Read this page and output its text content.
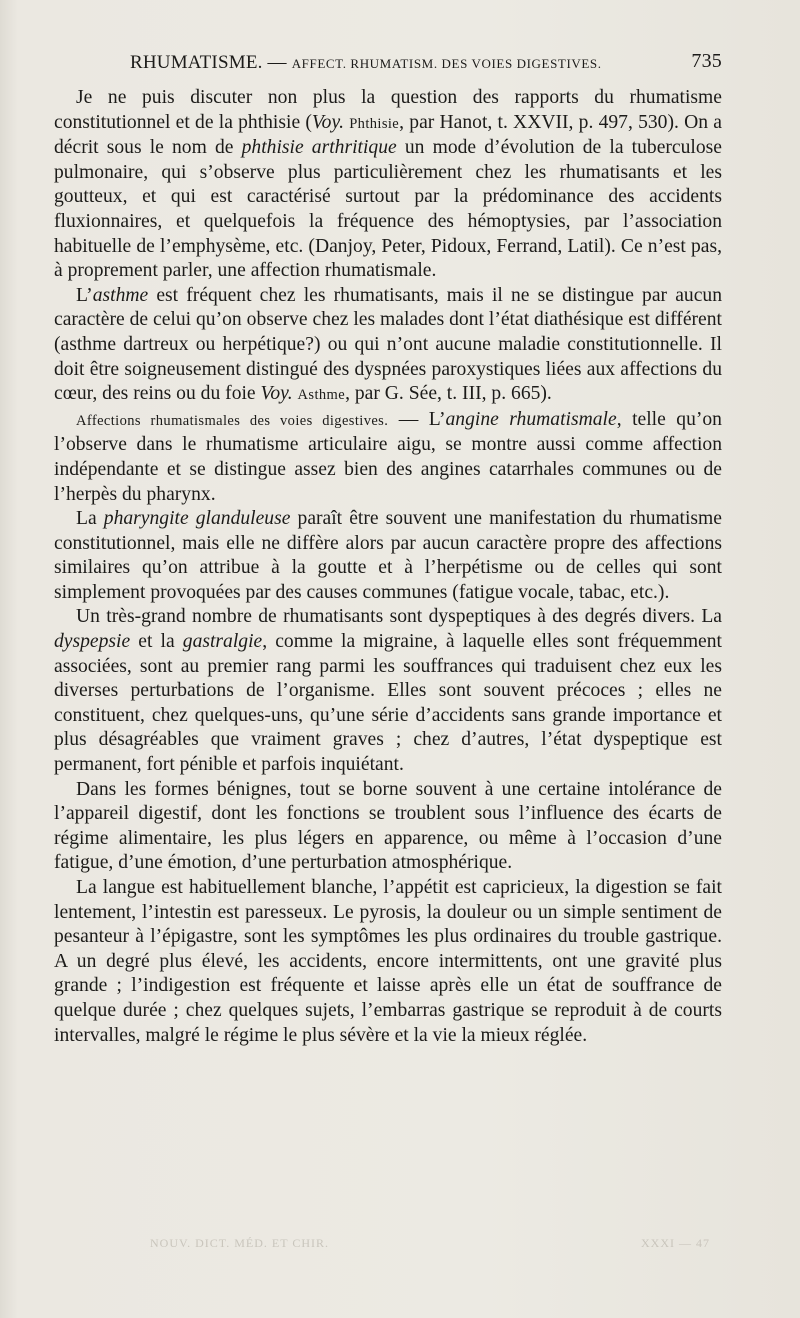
RHUMATISME. — AFFECT. RHUMATISM. DES VOIES DIGESTIVES.	735

Je ne puis discuter non plus la question des rapports du rhumatisme constitutionnel et de la phthisie (Voy. Phthisie, par Hanot, t. XXVII, p. 497, 530). On a décrit sous le nom de phthisie arthritique un mode d’évolution de la tuberculose pulmonaire, qui s’observe plus particulièrement chez les rhumatisants et les goutteux, et qui est caractérisé surtout par la prédominance des accidents fluxionnaires, et quelquefois la fréquence des hémoptysies, par l’association habituelle de l’emphysème, etc. (Danjoy, Peter, Pidoux, Ferrand, Latil). Ce n’est pas, à proprement parler, une affection rhumatismale.

L’asthme est fréquent chez les rhumatisants, mais il ne se distingue par aucun caractère de celui qu’on observe chez les malades dont l’état diathésique est différent (asthme dartreux ou herpétique?) ou qui n’ont aucune maladie constitutionnelle. Il doit être soigneusement distingué des dyspnées paroxystiques liées aux affections du cœur, des reins ou du foie Voy. Asthme, par G. Sée, t. III, p. 665).

Affections rhumatismales des voies digestives. — L’angine rhumatismale, telle qu’on l’observe dans le rhumatisme articulaire aigu, se montre aussi comme affection indépendante et se distingue assez bien des angines catarrhales communes ou de l’herpès du pharynx.

La pharyngite glanduleuse paraît être souvent une manifestation du rhumatisme constitutionnel, mais elle ne diffère alors par aucun caractère propre des affections similaires qu’on attribue à la goutte et à l’herpétisme ou de celles qui sont simplement provoquées par des causes communes (fatigue vocale, tabac, etc.).

Un très-grand nombre de rhumatisants sont dyspeptiques à des degrés divers. La dyspepsie et la gastralgie, comme la migraine, à laquelle elles sont fréquemment associées, sont au premier rang parmi les souffrances qui traduisent chez eux les diverses perturbations de l’organisme. Elles sont souvent précoces ; elles ne constituent, chez quelques-uns, qu’une série d’accidents sans grande importance et plus désagréables que vraiment graves ; chez d’autres, l’état dyspeptique est permanent, fort pénible et parfois inquiétant.

Dans les formes bénignes, tout se borne souvent à une certaine intolérance de l’appareil digestif, dont les fonctions se troublent sous l’influence des écarts de régime alimentaire, les plus légers en apparence, ou même à l’occasion d’une fatigue, d’une émotion, d’une perturbation atmosphérique.

La langue est habituellement blanche, l’appétit est capricieux, la digestion se fait lentement, l’intestin est paresseux. Le pyrosis, la douleur ou un simple sentiment de pesanteur à l’épigastre, sont les symptômes les plus ordinaires du trouble gastrique. A un degré plus élevé, les accidents, encore intermittents, ont une gravité plus grande ; l’indigestion est fréquente et laisse après elle un état de souffrance de quelque durée ; chez quelques sujets, l’embarras gastrique se reproduit à de courts intervalles, malgré le régime le plus sévère et la vie la mieux réglée.

NOUV. DICT. MÉD. ET CHIR.	XXXI — 47
